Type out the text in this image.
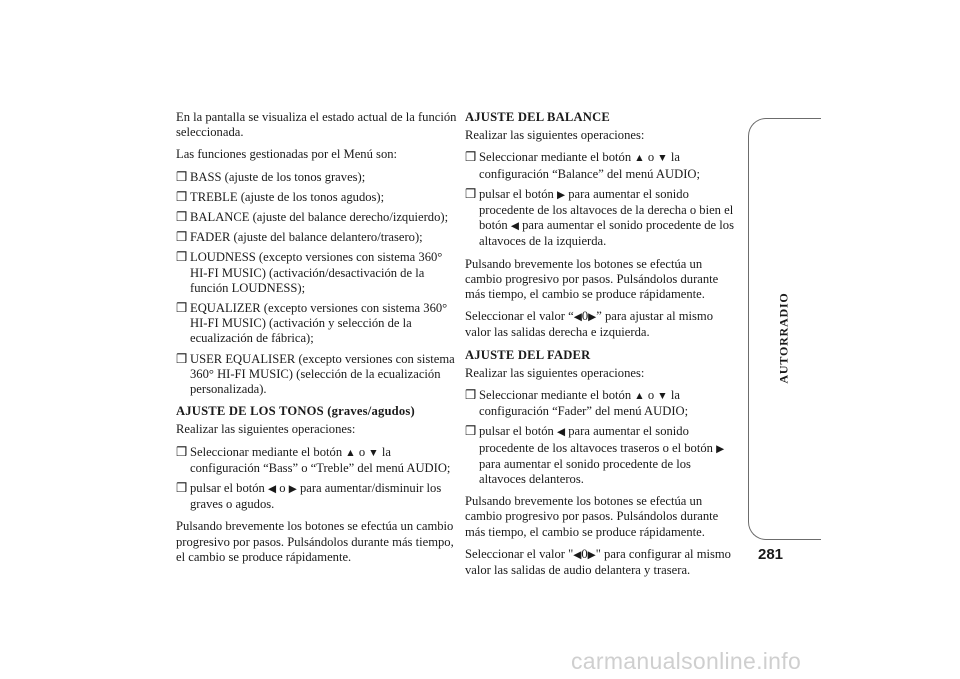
En la pantalla se visualiza el estado actual de la función seleccionada.

Las funciones gestionadas por el Menú son:

❒ BASS (ajuste de los tonos graves);
❒ TREBLE (ajuste de los tonos agudos);
❒ BALANCE (ajuste del balance derecho/izquierdo);
❒ FADER (ajuste del balance delantero/trasero);
❒ LOUDNESS (excepto versiones con sistema 360° HI-FI MUSIC) (activación/desactivación de la función LOUDNESS);
❒ EQUALIZER (excepto versiones con sistema 360° HI-FI MUSIC) (activación y selección de la ecualización de fábrica);
❒ USER EQUALISER (excepto versiones con sistema 360° HI-FI MUSIC) (selección de la ecualización personalizada).
AJUSTE DE LOS TONOS (graves/agudos)

Realizar las siguientes operaciones:

❒ Seleccionar mediante el botón ▲ o ▼ la configuración “Bass” o “Treble” del menú AUDIO;
❒ pulsar el botón ◀ o ▶ para aumentar/disminuir los graves o agudos.

Pulsando brevemente los botones se efectúa un cambio progresivo por pasos. Pulsándolos durante más tiempo, el cambio se produce rápidamente.

AJUSTE DEL BALANCE

Realizar las siguientes operaciones:

❒ Seleccionar mediante el botón ▲ o ▼ la configuración “Balance” del menú AUDIO;
❒ pulsar el botón ▶ para aumentar el sonido procedente de los altavoces de la derecha o bien el botón ◀ para aumentar el sonido procedente de los altavoces de la izquierda.

Pulsando brevemente los botones se efectúa un cambio progresivo por pasos. Pulsándolos durante más tiempo, el cambio se produce rápidamente.

Seleccionar el valor “◀0▶” para ajustar al mismo valor las salidas derecha e izquierda.

AJUSTE DEL FADER

Realizar las siguientes operaciones:

❒ Seleccionar mediante el botón ▲ o ▼ la configuración “Fader” del menú AUDIO;
❒ pulsar el botón ◀ para aumentar el sonido procedente de los altavoces traseros o el botón ▶ para aumentar el sonido procedente de los altavoces delanteros.

Pulsando brevemente los botones se efectúa un cambio progresivo por pasos. Pulsándolos durante más tiempo, el cambio se produce rápidamente.

Seleccionar el valor "◀0▶" para configurar al mismo valor las salidas de audio delantera y trasera.

AUTORRADIO
281
carmanualsonline.info
